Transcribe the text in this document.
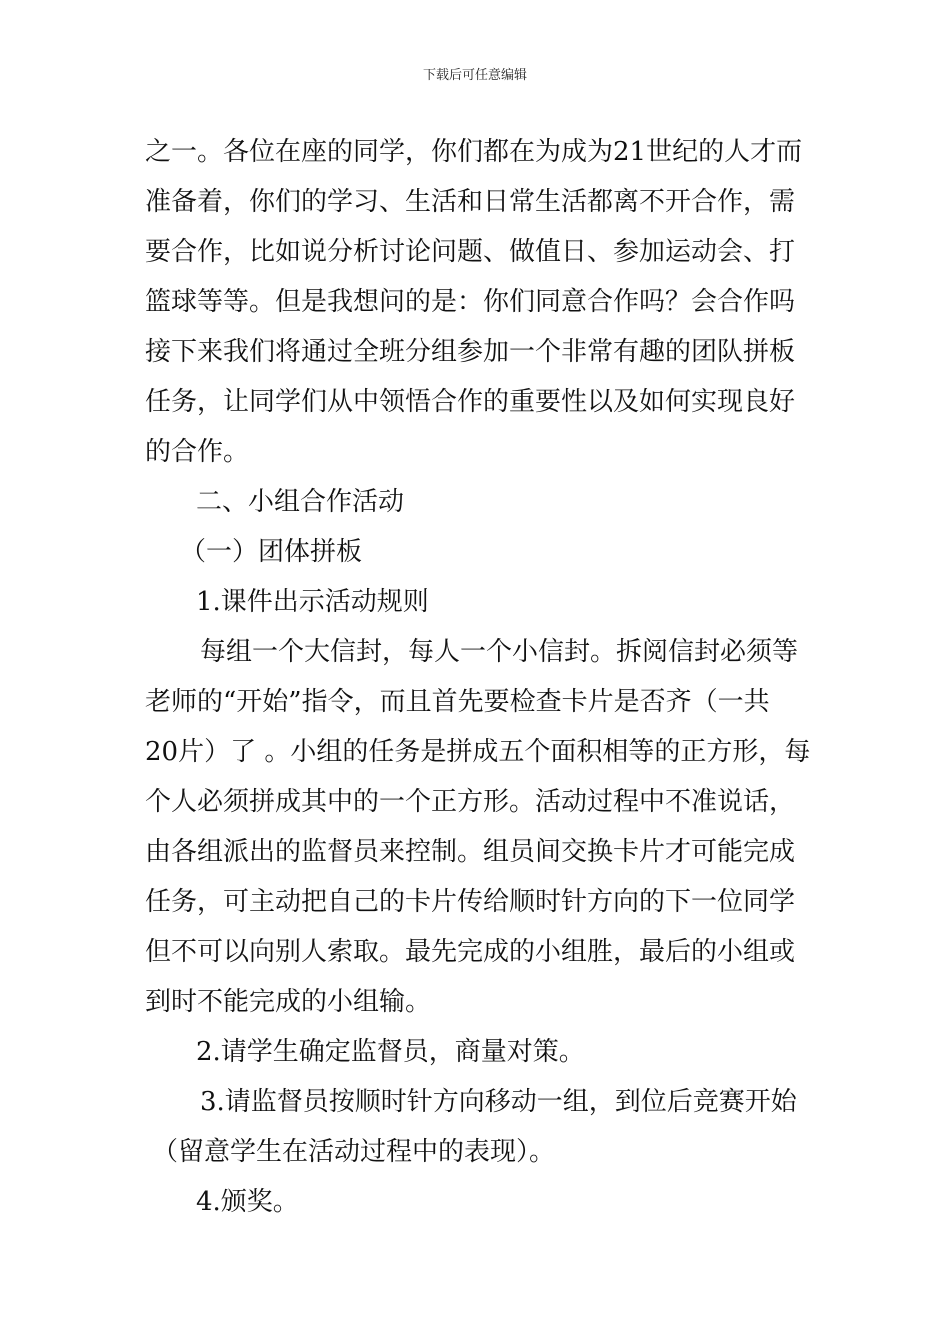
下载后可任意编辑
之一。各位在座的同学，你们都在为成为21世纪的人才而
准备着，你们的学习、生活和日常生活都离不开合作，需
要合作，比如说分析讨论问题、做值日、参加运动会、打
篮球等等。但是我想问的是：你们同意合作吗？会合作吗
接下来我们将通过全班分组参加一个非常有趣的团队拼板
任务，让同学们从中领悟合作的重要性以及如何实现良好
的合作。
二、小组合作活动
（一）团体拼板
1.课件出示活动规则
每组一个大信封，每人一个小信封。拆阅信封必须等
老师的“开始”指令，而且首先要检查卡片是否齐（一共
20片）了 。小组的任务是拼成五个面积相等的正方形，每
个人必须拼成其中的一个正方形。活动过程中不准说话，
由各组派出的监督员来控制。组员间交换卡片才可能完成
任务，可主动把自己的卡片传给顺时针方向的下一位同学
但不可以向别人索取。最先完成的小组胜，最后的小组或
到时不能完成的小组输。
2.请学生确定监督员，商量对策。
3.请监督员按顺时针方向移动一组，到位后竞赛开始
（留意学生在活动过程中的表现）。
4.颁奖。
